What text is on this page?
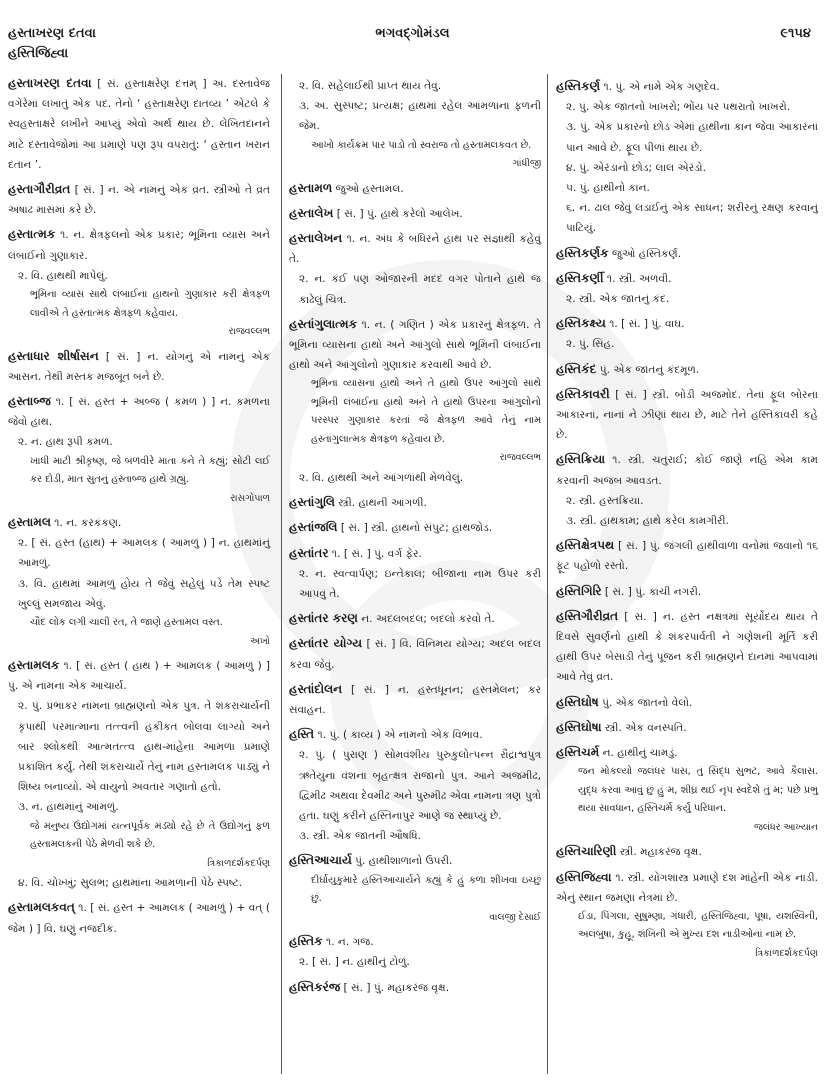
હસ્તાખરણ દતવા
હસ્તિજિહ્વા
ભગવદ્ગોમંડલ	૯૧૫૪
હસ્તાખરણ દતવા [ સં. હસ્તાક્ષરેણ દત્તમ્ ] અ. દસ્તાવેજ વગેરેમાં લખાતું એક પદ. તેનો ‘ હસ્તાક્ષરેણ દાતવ્ય ’ એટલે કે સ્વહસ્તાક્ષરે લખીને આપ્યું એવો અર્થ થાય છે. લેખિતદાનને માટે દસ્તાવેજોમાં આ પ્રમાણે પણ રૂપ વપરાતું: ‘ હસ્તાન ખરાન દતાન ’.
હસ્તાગૌરીવ્રત [ સં. ] ન. એ નામનું એક વ્રત. સ્ત્રીઓ તે વ્રત અષાઢ માસમાં કરે છે.
હસ્તાત્મક ૧. ન. ક્ષેત્રફલનો એક પ્રકાર; ભૂમિના વ્યાસ અને લંબાઈનો ગુણાકાર.
૨. વિ. હાથથી માપેલું.
ભૂમિના વ્યાસ સાથે લંબાઈના હાથનો ગુણાકાર કરી ક્ષેત્રફળ લાવીએ તે હસ્તાત્મક ક્ષેત્રફળ કહેવાય.
રાજવલ્લભ
હસ્તાધાર શીર્ષાસન [ સં. ] ન. યોગનું એ નામનું એક આસન. તેથી મસ્તક મજબૂત બને છે.
હસ્તાબ્જ ૧. [ સં. હસ્ત + અબ્જ ( કમળ ) ] ન. કમળના જેવો હાથ.
૨. ન. હાથ રૂપી કમળ.
ખાધી માટી શ્રીકૃષ્ણ, જે બળવીરે માતા કને તે કહ્યું; સોટી લઈ કર દોડી, માત સુતનું હસ્તાબ્જ હાથે ગ્રહ્યું.
રાસગોપાળ
હસ્તામલ ૧. ન. કરકંકણ.
૨. [ સં. હસ્ત (હાથ) + આમલક ( આમળું ) ] ન. હાથમાંનું આમળું.
૩. વિ. હાથમાં આમળું હોય તે જેવું સહેલું પડે તેમ સ્પષ્ટ ખુલ્લું સમજાય એવું.
ચૌદ લોક લગી ચાલી રત, તે જાણે હસ્તામલ વસ્ત.
અખો
હસ્તામલક ૧. [ સં. હસ્ત ( હાથ ) + આમલક ( આમળું ) ] પું. એ નામના એક આચાર્ય.
૨. પું. પ્રભાકર નામના બ્રાહ્મણનો એક પુત્ર. તે શંકરાચાર્યની કૃપાથી પરમાત્માના તત્ત્વની હકીકત બોલવા લાગ્યો અને બાર શ્લોકથી આત્મતત્ત્વ હાથ-માંહેના આમળા પ્રમાણે પ્રકાશિત કર્યું. તેથી શંકરાચાર્યે તેનું નામ હસ્તામલક પાડ્યું ને શિષ્ય બનાવ્યો. એ વાયુનો અવતાર ગણાતો હતો.
૩. ન. હાથમાંનું આમળું.
જે મનુષ્ય ઉદ્યોગમાં યત્નપૂર્વક મંડ્યો રહે છે તે ઉદ્યોગનું ફળ હસ્તામલકની પેઠે મેળવી શકે છે.
ત્રિકાળદર્શકદર્પણ
૪. વિ. ચોખ્ખું; સુલભ; હાથમાંના આમળાની પેઠે સ્પષ્ટ.
હસ્તામલકવત્ ૧. [ સં. હસ્ત + આમલક ( આમળું ) + વત્ ( જેમ ) ] વિ. ઘણું નજદીક.
૨. વિ. સહેલાઈથી પ્રાપ્ત થાય તેવું.
૩. અ. સુસ્પષ્ટ; પ્રત્યક્ષ; હાથમાં રહેલ આંમળાના ફળની જેમ.
આખો કાર્યક્રમ પાર પાડો તો સ્વરાજ તો હસ્તામલકવત છે.
ગાંધીજી
હસ્તામળ જુઓ હસ્તામલ.
હસ્તાલેખ [ સં. ] પું. હાથે કરેલો આલેખ.
હસ્તાલેખન ૧. ન. અંધ કે બધિરને હાથ પર સંજ્ઞાથી કહેવું તે.
૨. ન. કંઈ પણ ઓજારની મદદ વગર પોતાને હાથે જ કાઢેલું ચિત્ર.
હસ્તાંગુલાત્મક ૧. ન. ( ગણિત ) એક પ્રકારનું ક્ષેત્રફળ. તે ભૂમિના વ્યાસના હાથો અને આંગુલો સાથે ભૂમિની લંબાઈના હાથો અને આંગુલોનો ગુણાકાર કરવાથી આવે છે.
ભૂમિના વ્યાસના હાથો અને તે હાથો ઉપર આંગુલો સાથે ભૂમિની લંબાઈના હાથો અને તે હાથો ઉપરના આંગુલોનો પરસ્પર ગુણાકાર કરતાં જે ક્ષેત્રફળ આવે તેનું નામ હસ્તાંગુલાત્મક ક્ષેત્રફળ કહેવાય છે.
રાજવલ્લભ
૨. વિ. હાથથી અને આંગળાંથી મેળવેલું.
હસ્તાંગુલિ સ્ત્રી. હાથની આંગળી.
હસ્તાંજલિ [ સં. ] સ્ત્રી. હાથનો સંપુટ; હાથજોડ.
હસ્તાંતર ૧. [ સં. ] પું. વર્ગ ફેર.
૨. ન. સ્વત્વાર્પણ; ઇન્તેકાલ; બીજાના નામ ઉપર કરી આપવું તે.
હસ્તાંતર કરણ ન. અદલબદલ; બદલો કરવો તે.
હસ્તાંતર યોગ્ય [ સં. ] વિ. વિનિમય યોગ્ય; અદલ બદલ કરવા જેવું.
હસ્તાંદોલન [ સં. ] ન. હસ્તધૂનન; હસ્તમેલન; કર સંવાહન.
હસ્તિ ૧. પું. ( કાવ્ય ) એ નામનો એક વિભાવ.
૨. પું. ( પુરાણ ) સોમવંશીય પુરુકુલોત્પન્ન રૌદ્રાશ્વપુત્ર ઋતેયુના વંશના બૃહત્ક્ષત્ર રાજાનો પુત્ર. આને અજમીઢ, દ્વિમીઢ અથવા દેવમીઢ અને પુરુમીઢ એવા નામના ત્રણ પુત્રો હતા. ઘણું કરીને હસ્તિનાપુર આણે જ સ્થાપ્યું છે.
૩. સ્ત્રી. એક જાતની ઔષધિ.
હસ્તિઆચાર્ય પું. હાથીશાળાનો ઉપરી.
દીર્ઘાયુકુમારે હસ્તિઆચાર્યને કહ્યું કે હું કળા શીખવા ઇચ્છું છું.
વાલજી દેસાઈ
હસ્તિક ૧. ન. ગજ.
૨. [ સં. ] ન. હાથીનું ટોળું.
હસ્તિકરંજ [ સં. ] પું. મહાકરંજ વૃક્ષ.
હસ્તિકર્ણ ૧. પું. એ નામે એક ગણદેવ.
૨. પું. એક જાતનો ખાખરો; ભોંય પર પથરાતો ખાખરો.
૩. પું. એક પ્રકારનો છોડ એમાં હાથીના કાન જેવા આકારનાં પાન આવે છે. ફૂલ પીળાં થાય છે.
૪. પું. એરંડાનો છોડ; લાલ એરંડો.
૫. પું. હાથીનો કાન.
૬. ન. ઢાલ જેવું લડાઈનું એક સાધન; શરીરનું રક્ષણ કરવાનું પાટિયું.
હસ્તિકર્ણક જુઓ હસ્તિકર્ણ.
હસ્તિકર્ણી ૧. સ્ત્રી. અળવી.
૨. સ્ત્રી. એક જાતનું કંદ.
હસ્તિકક્ષ્ય ૧. [ સં. ] પું. વાઘ.
૨. પું. સિંહ.
હસ્તિકંદ પું. એક જાતનું કંદમૂળ.
હસ્તિકાવરી [ સં. ] સ્ત્રી. બોડી અજમોદ. તેનાં ફૂલ બોરના આકારનાં, નાનાં ને ઝીણાં થાય છે, માટે તેને હસ્તિકાવરી કહે છે.
હસ્તિક્રિયા ૧. સ્ત્રી. ચતુરાઈ; કોઈ જાણે નહિ એમ કામ કરવાની અજબ આવડત.
૨. સ્ત્રી. હસ્તક્રિયા.
૩. સ્ત્રી. હાથકામ; હાથે કરેલ કામગીરી.
હસ્તિક્ષેત્રપથ [ સં. ] પું. જંગલી હાથીવાળા વનોમાં જવાનો ૧૬ ફૂટ પહોળો રસ્તો.
હસ્તિગિરિ [ સં. ] પું. કાંચી નગરી.
હસ્તિગૌરીવ્રત [ સં. ] ન. હસ્ત નક્ષત્રમાં સૂર્યોદય થાય તે દિવસે સુવર્ણનો હાથી કે શંકરપાર્વતી ને ગણેશની મૂર્તિ કરી હાથી ઉપર બેસાડી તેનું પૂજન કરી બ્રાહ્મણને દાનમાં આપવામાં આવે તેવું વ્રત.
હસ્તિઘોષ પું. એક જાતનો વેલો.
હસ્તિઘોષા સ્ત્રી. એક વનસ્પતિ.
હસ્તિચર્મ ન. હાથીનું ચામડું.
જન મોકલ્યો જલંધર પાસ, તું સિદ્ધ સુભટ, આવે કૈલાસ. યુદ્ધ કરવા આવું છું હું મ, શીઘ્ર થઈ નૃપ સ્વદેશે તું મ; પછે પ્રભુ થયા સાવધાન, હસ્તિચર્મ કર્યું પરિધાન.
જલંધર આખ્યાન
હસ્તિચારિણી સ્ત્રી. મહાકરંજ વૃક્ષ.
હસ્તિજિહ્વા ૧. સ્ત્રી. યોગશાસ્ત્ર પ્રમાણે દશ માંહેની એક નાડી. એનું સ્થાન જમણા નેત્રમાં છે.
ઈડા, પિંગલા, સુષુમ્ણા, ગંધારી, હસ્તિજિહ્વા, પૂષા, યશસ્વિની, અલંબુષા, કુહૂ, શંખિની એ મુખ્ય દશ નાડીઓનાં નામ છે.
ત્રિકાળદર્શકદર્પણ
